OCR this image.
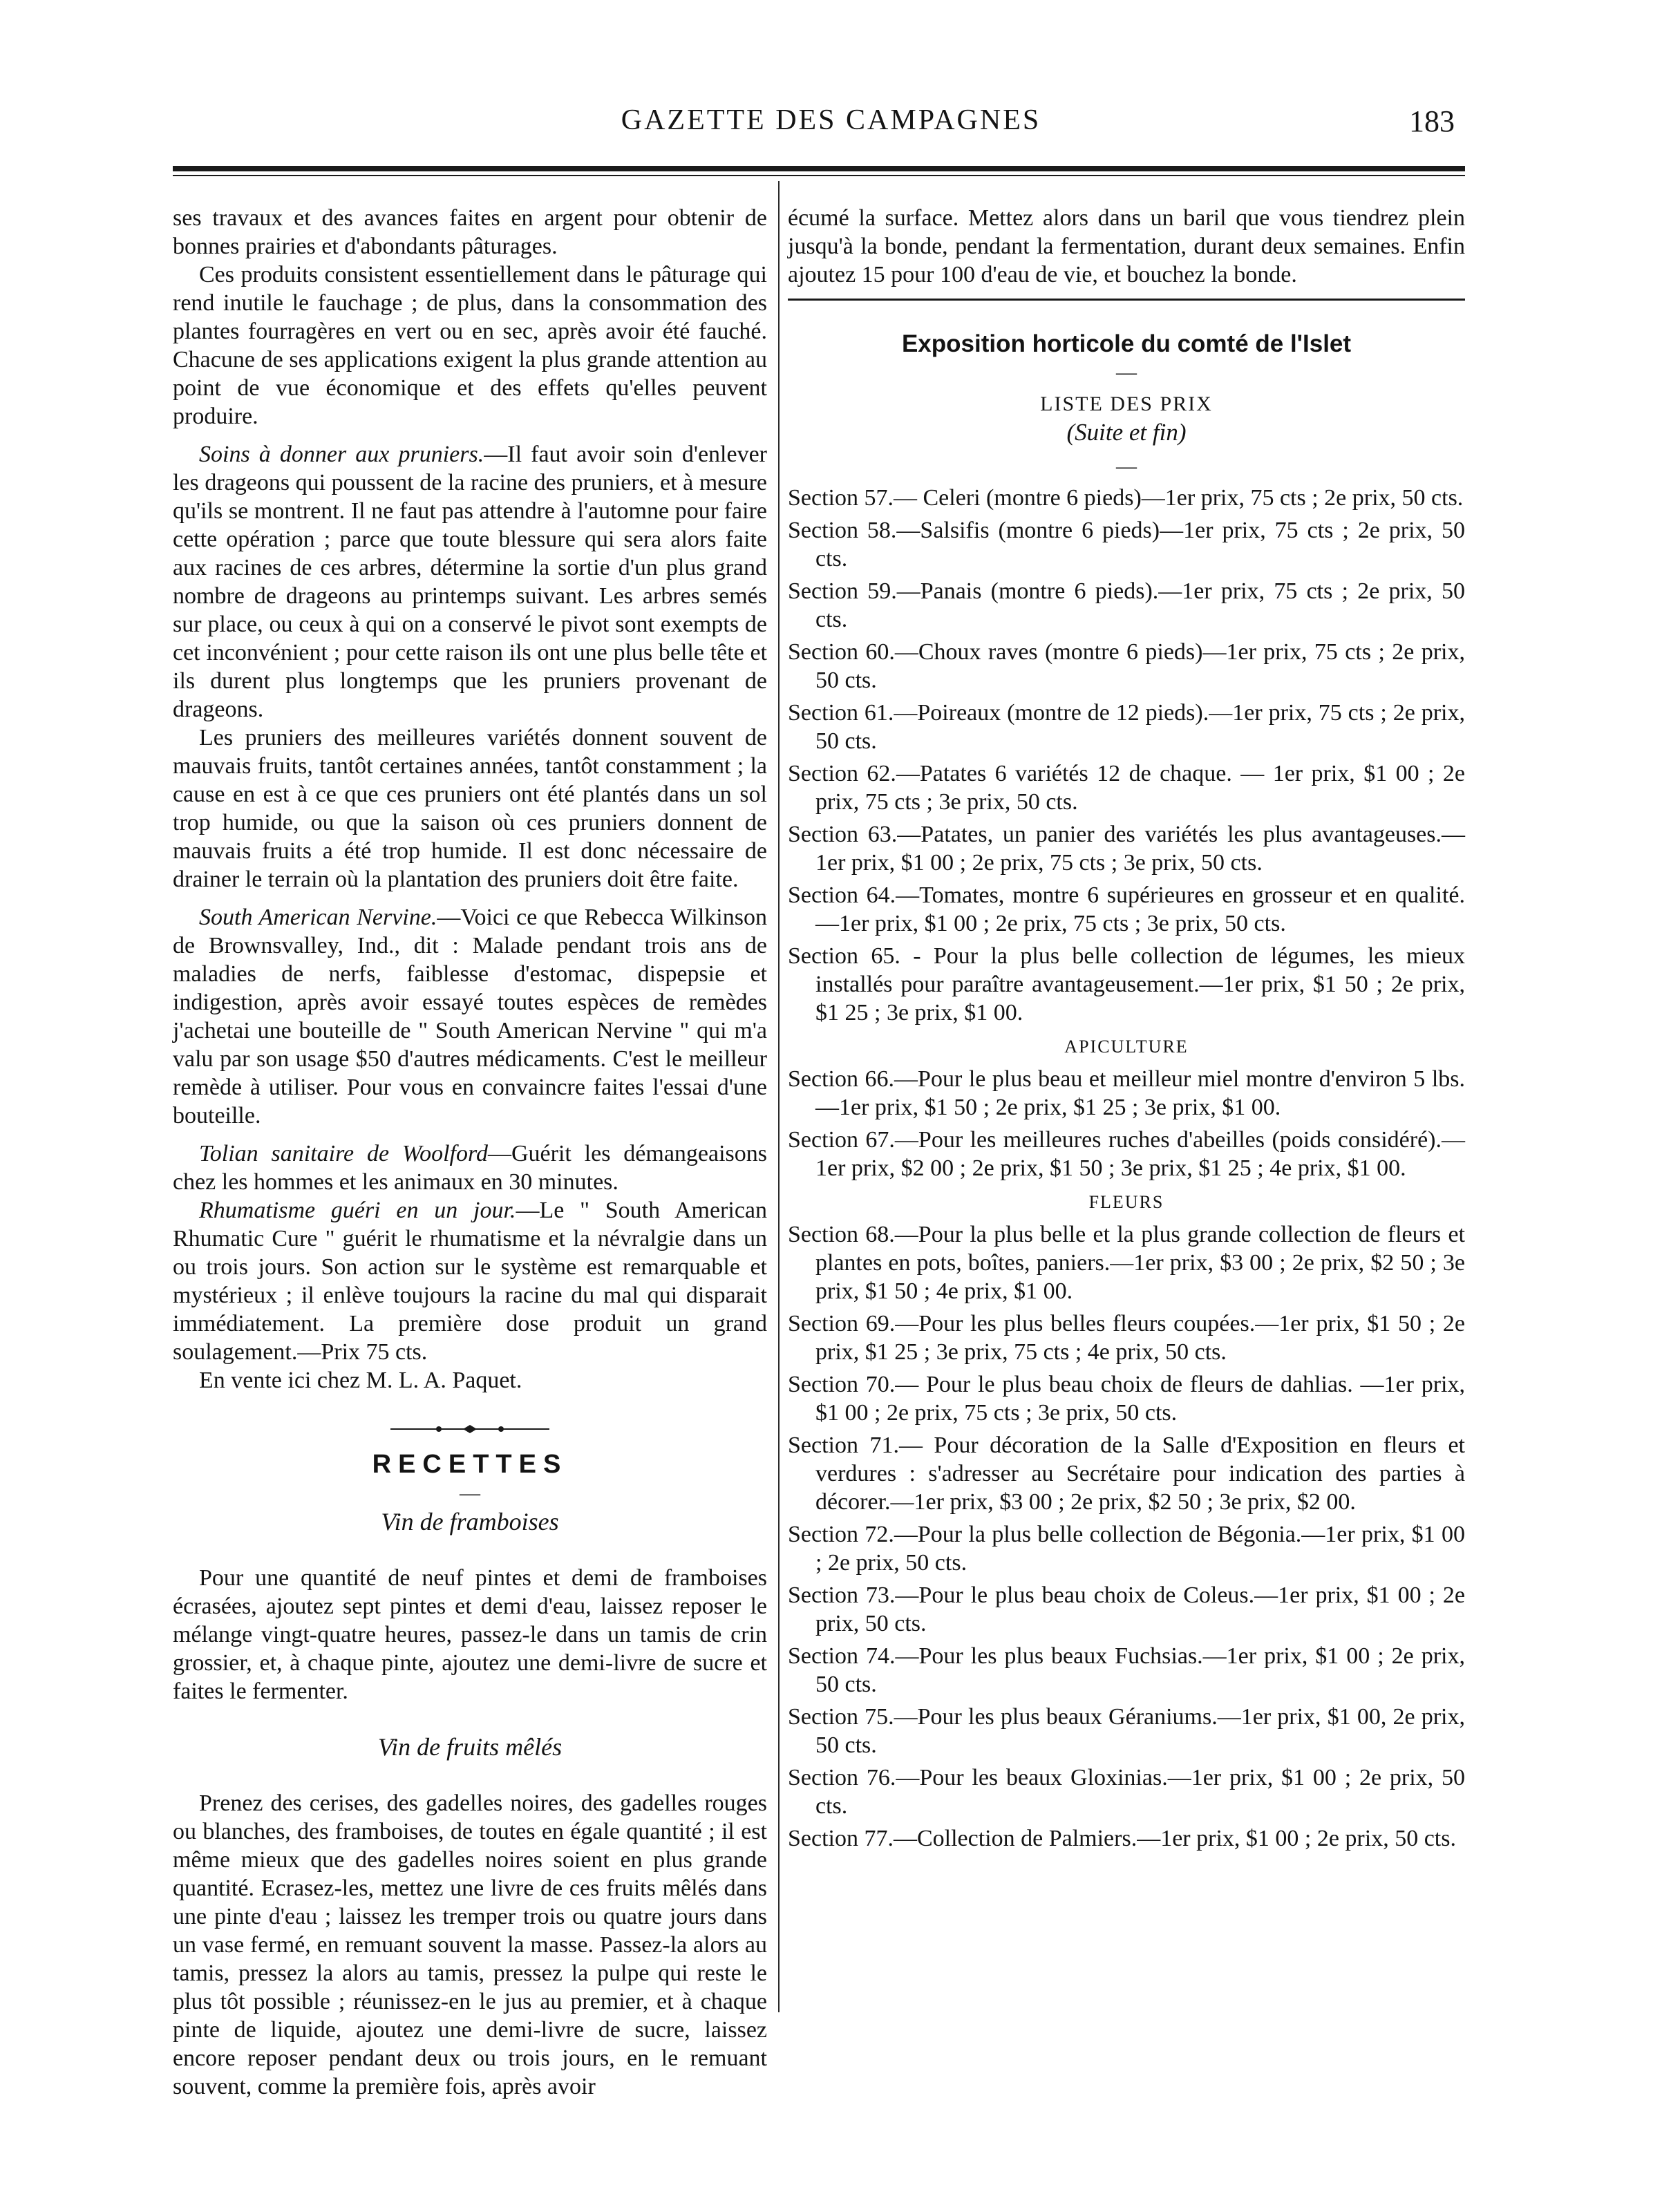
GAZETTE DES CAMPAGNES	183

ses travaux et des avances faites en argent pour obtenir de bonnes prairies et d'abondants pâturages.

Ces produits consistent essentiellement dans le pâturage qui rend inutile le fauchage ; de plus, dans la consommation des plantes fourragères en vert ou en sec, après avoir été fauché. Chacune de ses applications exigent la plus grande attention au point de vue économique et des effets qu'elles peuvent produire.

Soins à donner aux pruniers.—Il faut avoir soin d'enlever les drageons qui poussent de la racine des pruniers, et à mesure qu'ils se montrent. Il ne faut pas attendre à l'automne pour faire cette opération ; parce que toute blessure qui sera alors faite aux racines de ces arbres, détermine la sortie d'un plus grand nombre de drageons au printemps suivant. Les arbres semés sur place, ou ceux à qui on a conservé le pivot sont exempts de cet inconvénient ; pour cette raison ils ont une plus belle tête et ils durent plus longtemps que les pruniers provenant de drageons.

Les pruniers des meilleures variétés donnent souvent de mauvais fruits, tantôt certaines années, tantôt constamment ; la cause en est à ce que ces pruniers ont été plantés dans un sol trop humide, ou que la saison où ces pruniers donnent de mauvais fruits a été trop humide. Il est donc nécessaire de drainer le terrain où la plantation des pruniers doit être faite.

South American Nervine.—Voici ce que Rebecca Wilkinson de Brownsvalley, Ind., dit : Malade pendant trois ans de maladies de nerfs, faiblesse d'estomac, dispepsie et indigestion, après avoir essayé toutes espèces de remèdes j'achetai une bouteille de " South American Nervine " qui m'a valu par son usage $50 d'autres médicaments. C'est le meilleur remède à utiliser. Pour vous en convaincre faites l'essai d'une bouteille.

Tolian sanitaire de Woolford—Guérit les démangeaisons chez les hommes et les animaux en 30 minutes.

Rhumatisme guéri en un jour.—Le " South American Rhumatic Cure " guérit le rhumatisme et la névralgie dans un ou trois jours. Son action sur le système est remarquable et mystérieux ; il enlève toujours la racine du mal qui disparait immédiatement. La première dose produit un grand soulagement.—Prix 75 cts.

En vente ici chez M. L. A. Paquet.

RECETTES

—

Vin de framboises

Pour une quantité de neuf pintes et demi de framboises écrasées, ajoutez sept pintes et demi d'eau, laissez reposer le mélange vingt-quatre heures, passez-le dans un tamis de crin grossier, et, à chaque pinte, ajoutez une demi-livre de sucre et faites le fermenter.

Vin de fruits mêlés

Prenez des cerises, des gadelles noires, des gadelles rouges ou blanches, des framboises, de toutes en égale quantité ; il est même mieux que des gadelles noires soient en plus grande quantité. Ecrasez-les, mettez une livre de ces fruits mêlés dans une pinte d'eau ; laissez les tremper trois ou quatre jours dans un vase fermé, en remuant souvent la masse. Passez-la alors au tamis, pressez la alors au tamis, pressez la pulpe qui reste le plus tôt possible ; réunissez-en le jus au premier, et à chaque pinte de liquide, ajoutez une demi-livre de sucre, laissez encore reposer pendant deux ou trois jours, en le remuant souvent, comme la première fois, après avoir

écumé la surface. Mettez alors dans un baril que vous tiendrez plein jusqu'à la bonde, pendant la fermentation, durant deux semaines. Enfin ajoutez 15 pour 100 d'eau de vie, et bouchez la bonde.

Exposition horticole du comté de l'Islet

—

LISTE DES PRIX
(Suite et fin)

—

Section 57.— Celeri (montre 6 pieds)—1er prix, 75 cts ; 2e prix, 50 cts.

Section 58.—Salsifis (montre 6 pieds)—1er prix, 75 cts ; 2e prix, 50 cts.

Section 59.—Panais (montre 6 pieds).—1er prix, 75 cts ; 2e prix, 50 cts.

Section 60.—Choux raves (montre 6 pieds)—1er prix, 75 cts ; 2e prix, 50 cts.

Section 61.—Poireaux (montre de 12 pieds).—1er prix, 75 cts ; 2e prix, 50 cts.

Section 62.—Patates 6 variétés 12 de chaque. — 1er prix, $1 00 ; 2e prix, 75 cts ; 3e prix, 50 cts.

Section 63.—Patates, un panier des variétés les plus avantageuses.—1er prix, $1 00 ; 2e prix, 75 cts ; 3e prix, 50 cts.

Section 64.—Tomates, montre 6 supérieures en grosseur et en qualité.—1er prix, $1 00 ; 2e prix, 75 cts ; 3e prix, 50 cts.

Section 65. - Pour la plus belle collection de légumes, les mieux installés pour paraître avantageusement.—1er prix, $1 50 ; 2e prix, $1 25 ; 3e prix, $1 00.

APICULTURE

Section 66.—Pour le plus beau et meilleur miel montre d'environ 5 lbs.—1er prix, $1 50 ; 2e prix, $1 25 ; 3e prix, $1 00.

Section 67.—Pour les meilleures ruches d'abeilles (poids considéré).—1er prix, $2 00 ; 2e prix, $1 50 ; 3e prix, $1 25 ; 4e prix, $1 00.

FLEURS

Section 68.—Pour la plus belle et la plus grande collection de fleurs et plantes en pots, boîtes, paniers.—1er prix, $3 00 ; 2e prix, $2 50 ; 3e prix, $1 50 ; 4e prix, $1 00.

Section 69.—Pour les plus belles fleurs coupées.—1er prix, $1 50 ; 2e prix, $1 25 ; 3e prix, 75 cts ; 4e prix, 50 cts.

Section 70.— Pour le plus beau choix de fleurs de dahlias. —1er prix, $1 00 ; 2e prix, 75 cts ; 3e prix, 50 cts.

Section 71.— Pour décoration de la Salle d'Exposition en fleurs et verdures : s'adresser au Secrétaire pour indication des parties à décorer.—1er prix, $3 00 ; 2e prix, $2 50 ; 3e prix, $2 00.

Section 72.—Pour la plus belle collection de Bégonia.—1er prix, $1 00 ; 2e prix, 50 cts.

Section 73.—Pour le plus beau choix de Coleus.—1er prix, $1 00 ; 2e prix, 50 cts.

Section 74.—Pour les plus beaux Fuchsias.—1er prix, $1 00 ; 2e prix, 50 cts.

Section 75.—Pour les plus beaux Géraniums.—1er prix, $1 00, 2e prix, 50 cts.

Section 76.—Pour les beaux Gloxinias.—1er prix, $1 00 ; 2e prix, 50 cts.

Section 77.—Collection de Palmiers.—1er prix, $1 00 ; 2e prix, 50 cts.
